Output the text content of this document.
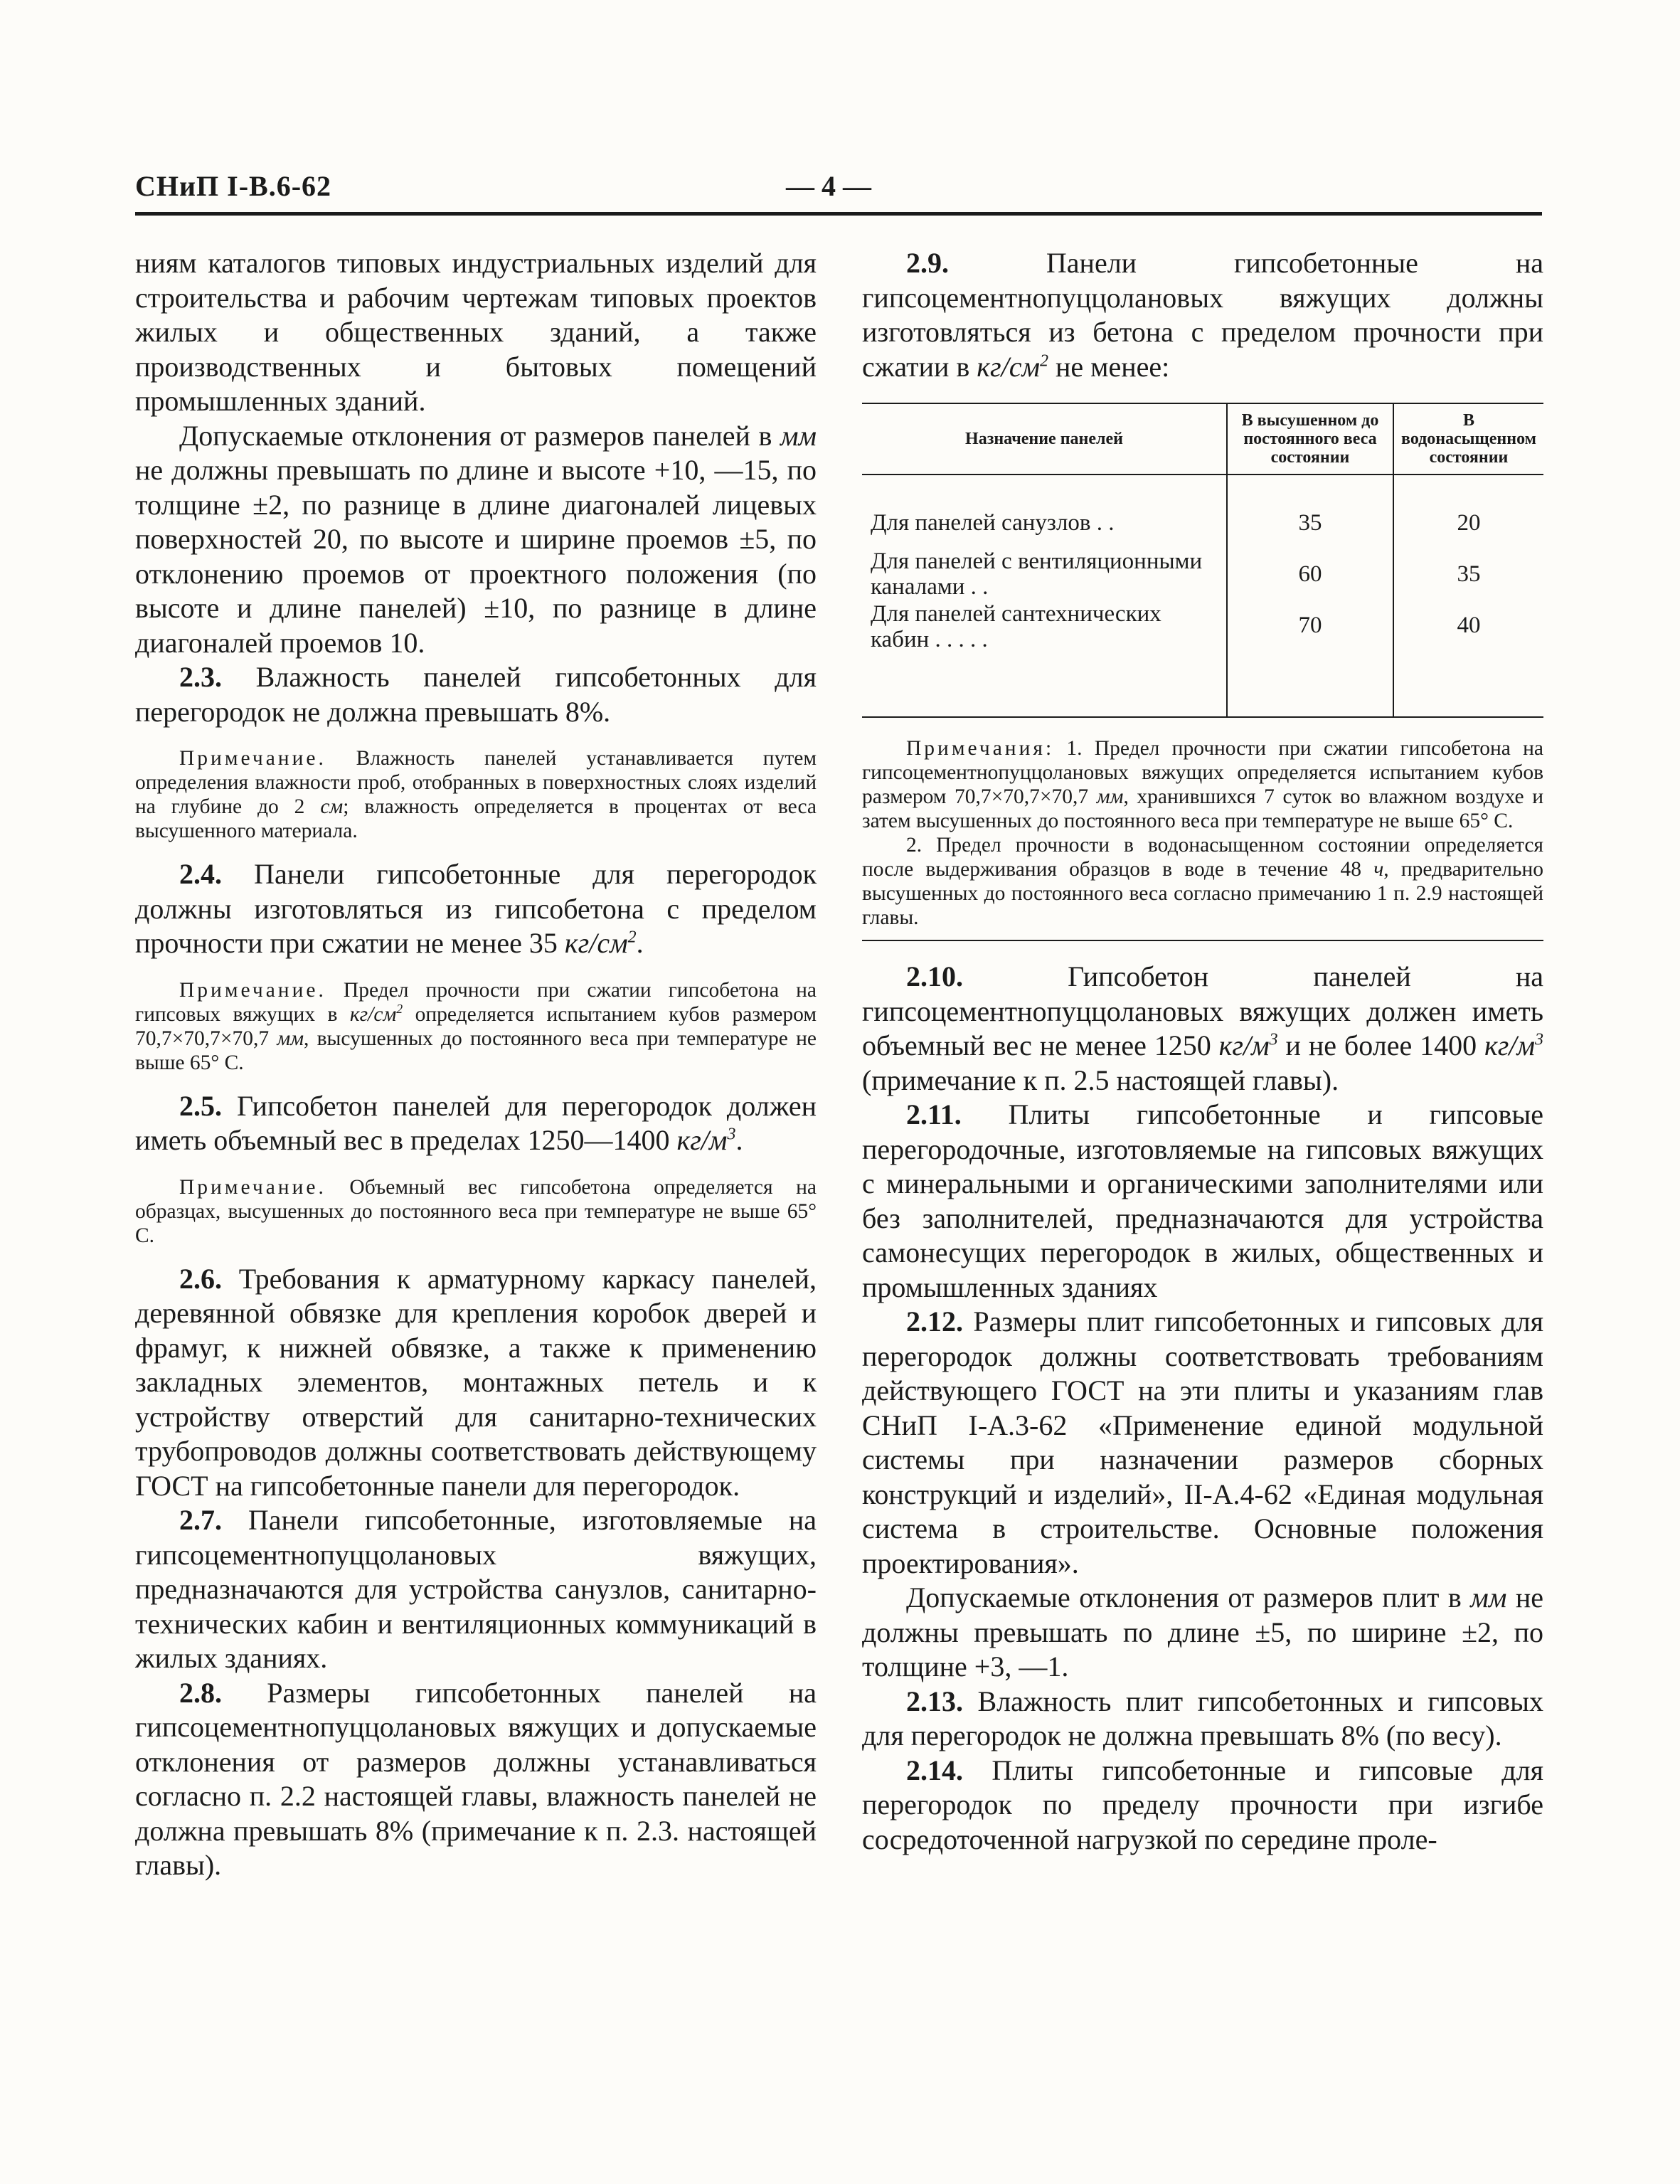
СНиП I-В.6-62	— 4 —

ниям каталогов типовых индустриальных изделий для строительства и рабочим чертежам типовых проектов жилых и общественных зданий, а также производственных и бытовых помещений промышленных зданий.

Допускаемые отклонения от размеров панелей в мм не должны превышать по длине и высоте +10, —15, по толщине ±2, по разнице в длине диагоналей лицевых поверхностей 20, по высоте и ширине проемов ±5, по отклонению проемов от проектного положения (по высоте и длине панелей) ±10, по разнице в длине диагоналей проемов 10.

2.3. Влажность панелей гипсобетонных для перегородок не должна превышать 8%.

Примечание. Влажность панелей устанавливается путем определения влажности проб, отобранных в поверхностных слоях изделий на глубине до 2 см; влажность определяется в процентах от веса высушенного материала.

2.4. Панели гипсобетонные для перегородок должны изготовляться из гипсобетона с пределом прочности при сжатии не менее 35 $кг/см^2$.

Примечание. Предел прочности при сжатии гипсобетона на гипсовых вяжущих в $кг/см^2$ определяется испытанием кубов размером 70,7×70,7×70,7 мм, высушенных до постоянного веса при температуре не выше 65° С.

2.5. Гипсобетон панелей для перегородок должен иметь объемный вес в пределах 1250—1400 $кг/м^3$.

Примечание. Объемный вес гипсобетона определяется на образцах, высушенных до постоянного веса при температуре не выше 65° С.

2.6. Требования к арматурному каркасу панелей, деревянной обвязке для крепления коробок дверей и фрамуг, к нижней обвязке, а также к применению закладных элементов, монтажных петель и к устройству отверстий для санитарно-технических трубопроводов должны соответствовать действующему ГОСТ на гипсобетонные панели для перегородок.

2.7. Панели гипсобетонные, изготовляемые на гипсоцементнопуццолановых вяжущих, предназначаются для устройства санузлов, санитарно-технических кабин и вентиляционных коммуникаций в жилых зданиях.

2.8. Размеры гипсобетонных панелей на гипсоцементнопуццолановых вяжущих и допускаемые отклонения от размеров должны устанавливаться согласно п. 2.2 настоящей главы, влажность панелей не должна превышать 8% (примечание к п. 2.3. настоящей главы).

2.9. Панели гипсобетонные на гипсоцементнопуццолановых вяжущих должны изготовляться из бетона с пределом прочности при сжатии в $кг/см^2$ не менее:

Назначение панелей	В высушенном до постоянного веса состоянии	В водонасыщенном состоянии
Для панелей санузлов . .	35	20
Для панелей с вентиляционными каналами . .	60	35
Для панелей сантехнических кабин . . . . .	70	40

Примечания: 1. Предел прочности при сжатии гипсобетона на гипсоцементнопуццолановых вяжущих определяется испытанием кубов размером 70,7×70,7×70,7 мм, хранившихся 7 суток во влажном воздухе и затем высушенных до постоянного веса при температуре не выше 65° С.

2. Предел прочности в водонасыщенном состоянии определяется после выдерживания образцов в воде в течение 48 ч, предварительно высушенных до постоянного веса согласно примечанию 1 п. 2.9 настоящей главы.

2.10. Гипсобетон панелей на гипсоцементнопуццолановых вяжущих должен иметь объемный вес не менее 1250 $кг/м^3$ и не более 1400 $кг/м^3$ (примечание к п. 2.5 настоящей главы).

2.11. Плиты гипсобетонные и гипсовые перегородочные, изготовляемые на гипсовых вяжущих с минеральными и органическими заполнителями или без заполнителей, предназначаются для устройства самонесущих перегородок в жилых, общественных и промышленных зданиях

2.12. Размеры плит гипсобетонных и гипсовых для перегородок должны соответствовать требованиям действующего ГОСТ на эти плиты и указаниям глав СНиП I-А.3-62 «Применение единой модульной системы при назначении размеров сборных конструкций и изделий», II-А.4-62 «Единая модульная система в строительстве. Основные положения проектирования».

Допускаемые отклонения от размеров плит в мм не должны превышать по длине ±5, по ширине ±2, по толщине +3, —1.

2.13. Влажность плит гипсобетонных и гипсовых для перегородок не должна превышать 8% (по весу).

2.14. Плиты гипсобетонные и гипсовые для перегородок по пределу прочности при изгибе сосредоточенной нагрузкой по середине проле-
